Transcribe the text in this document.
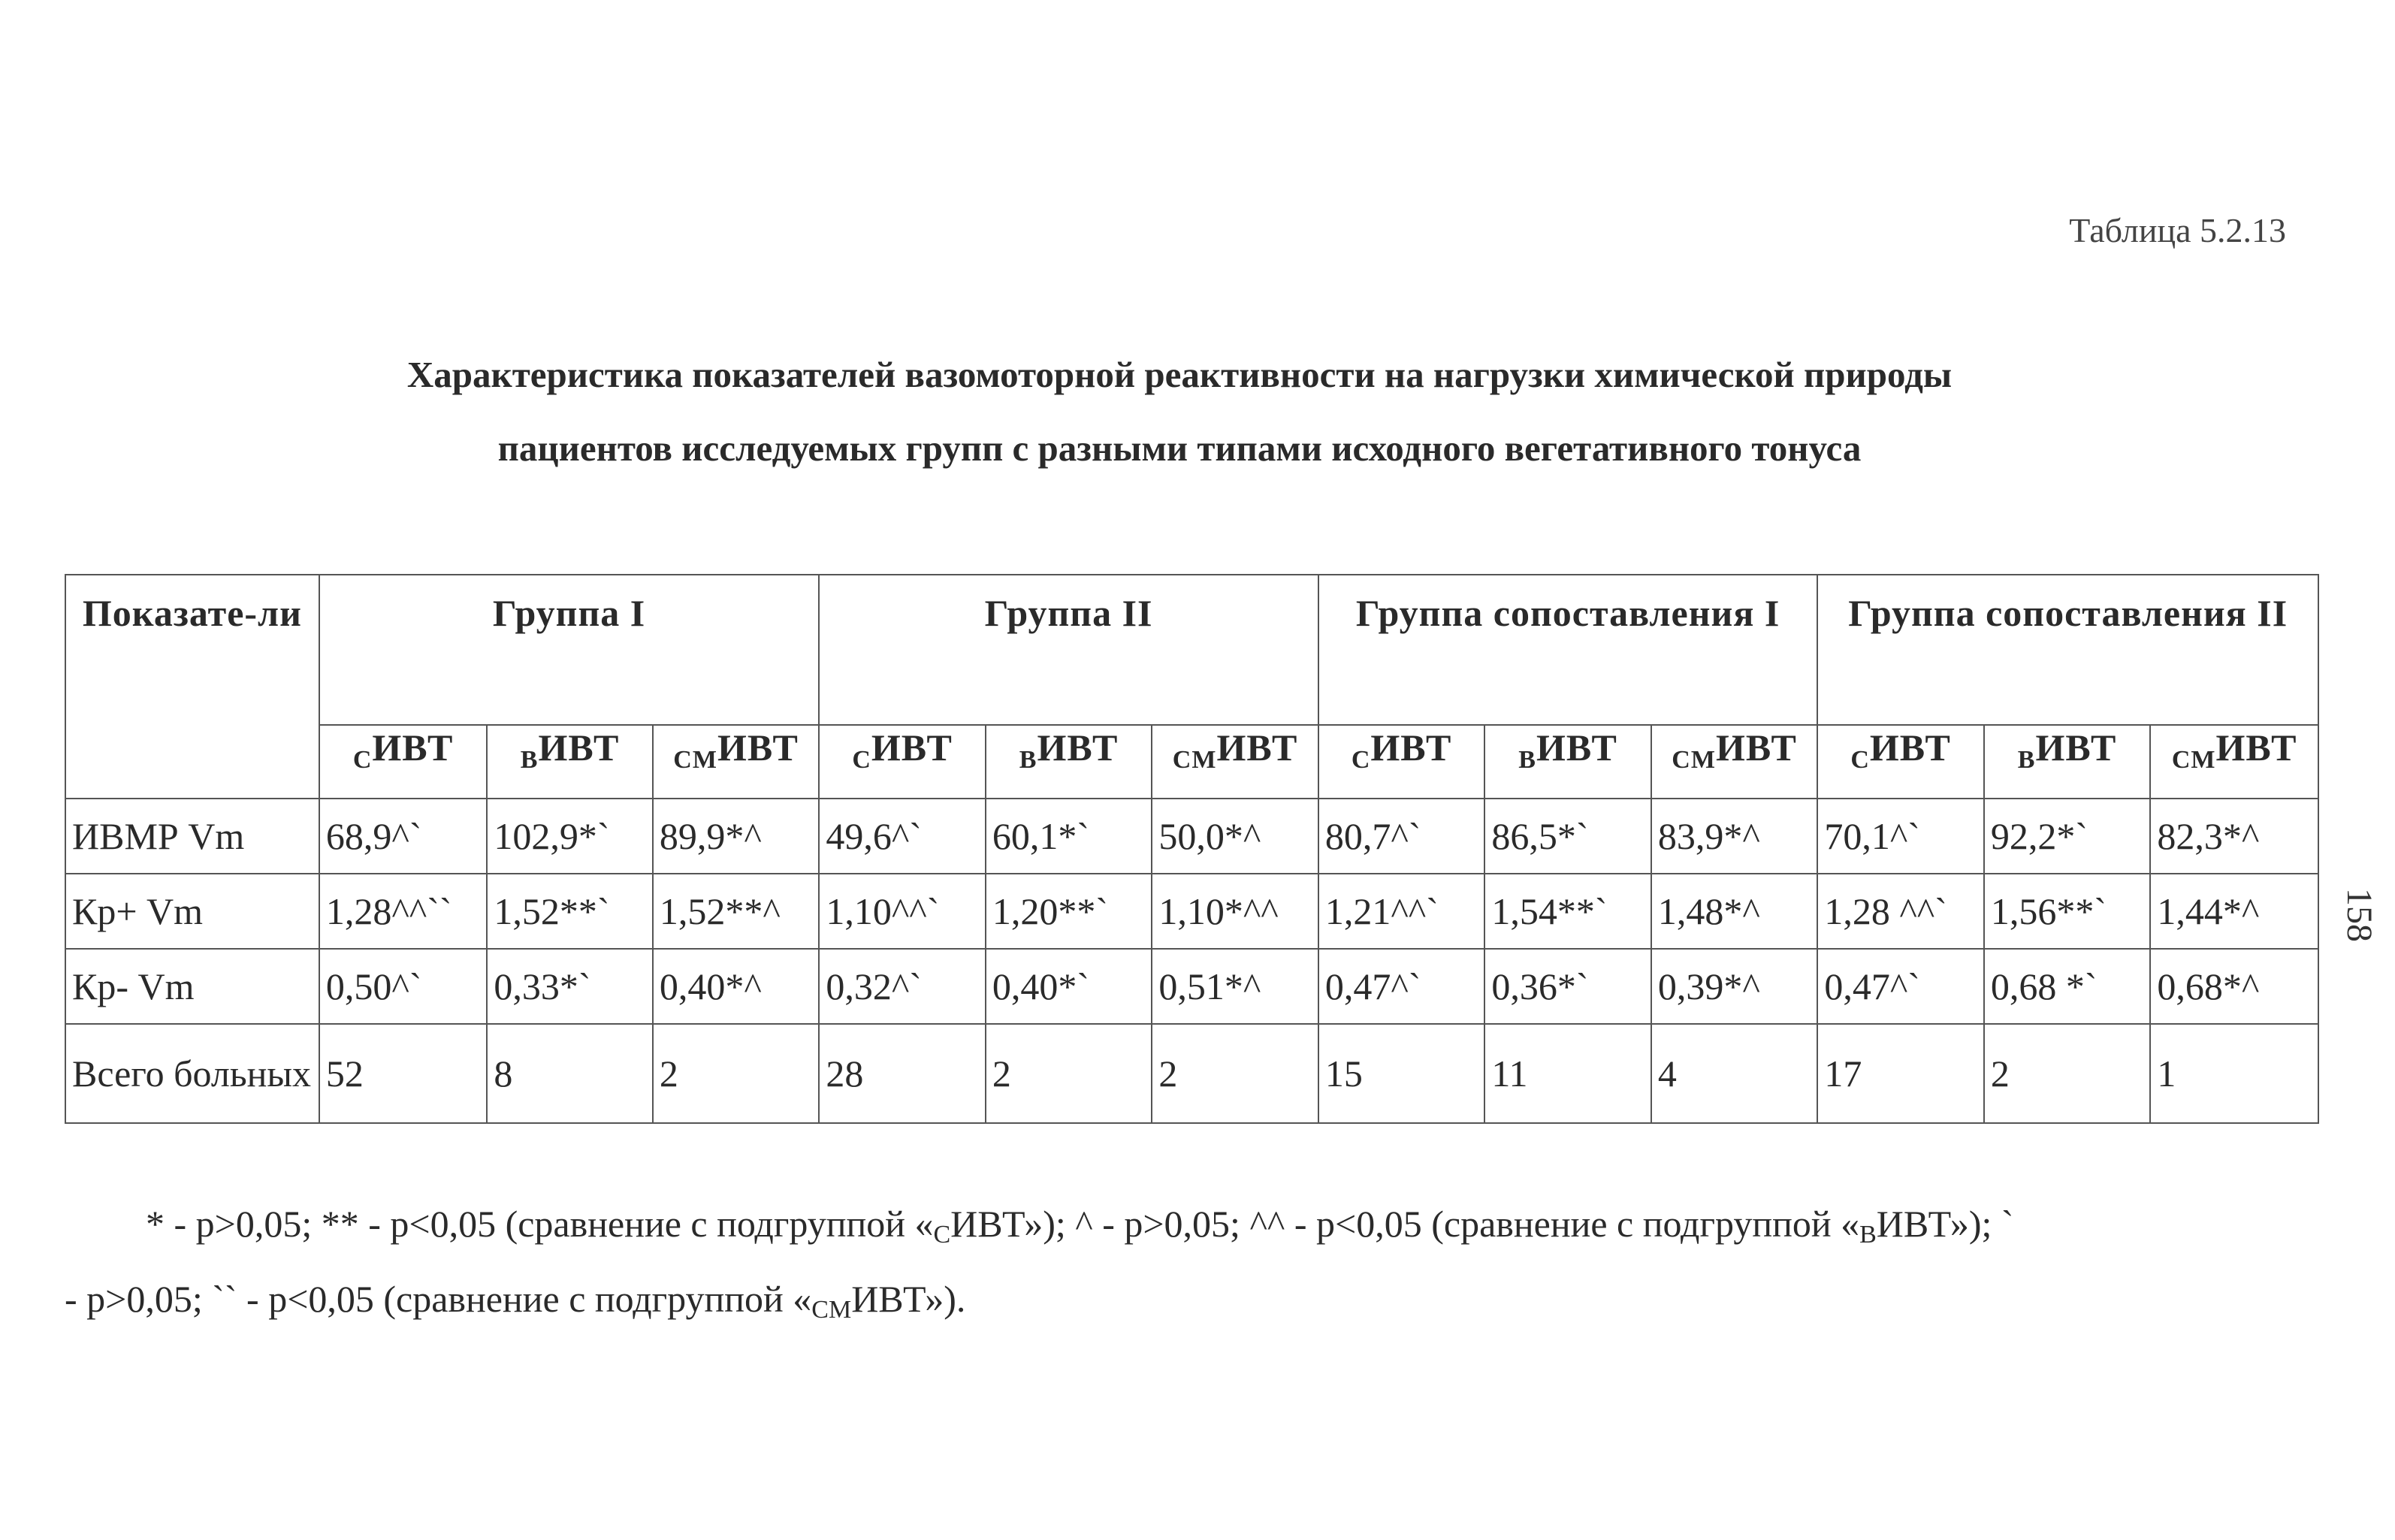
Таблица 5.2.13
Характеристика показателей вазомоторной реактивности на нагрузки химической природы
пациентов исследуемых групп с разными типами исходного вегетативного тонуса
Показате-ли	Группа I			Группа II			Группа сопоставления I			Группа сопоставления II		
	$_С$ИВТ	$_В$ИВТ	$_{СМ}$ИВТ	$_С$ИВТ	$_В$ИВТ	$_{СМ}$ИВТ	$_С$ИВТ	$_В$ИВТ	$_{СМ}$ИВТ	$_С$ИВТ	$_В$ИВТ	$_{СМ}$ИВТ
ИВМР Vm	68,9^`	102,9*`	89,9*^	49,6^`	60,1*`	50,0*^	80,7^`	86,5*`	83,9*^	70,1^`	92,2*`	82,3*^
Кр+ Vm	1,28^^``	1,52**`	1,52**^	1,10^^`	1,20**`	1,10*^^	1,21^^`	1,54**`	1,48*^	1,28 ^^`	1,56**`	1,44*^
Кр- Vm	0,50^`	0,33*`	0,40*^	0,32^`	0,40*`	0,51*^	0,47^`	0,36*`	0,39*^	0,47^`	0,68 *`	0,68*^
Всего больных	52	8	2	28	2	2	15	11	4	17	2	1
158
* - p>0,05; ** - p<0,05 (сравнение с подгруппой «$_СИВТ$»); ^ - p>0,05; ^^ - p<0,05 (сравнение с подгруппой «$_ВИВТ$»); `
- p>0,05; `` - p<0,05 (сравнение с подгруппой «$_{СМ}ИВТ$»).
